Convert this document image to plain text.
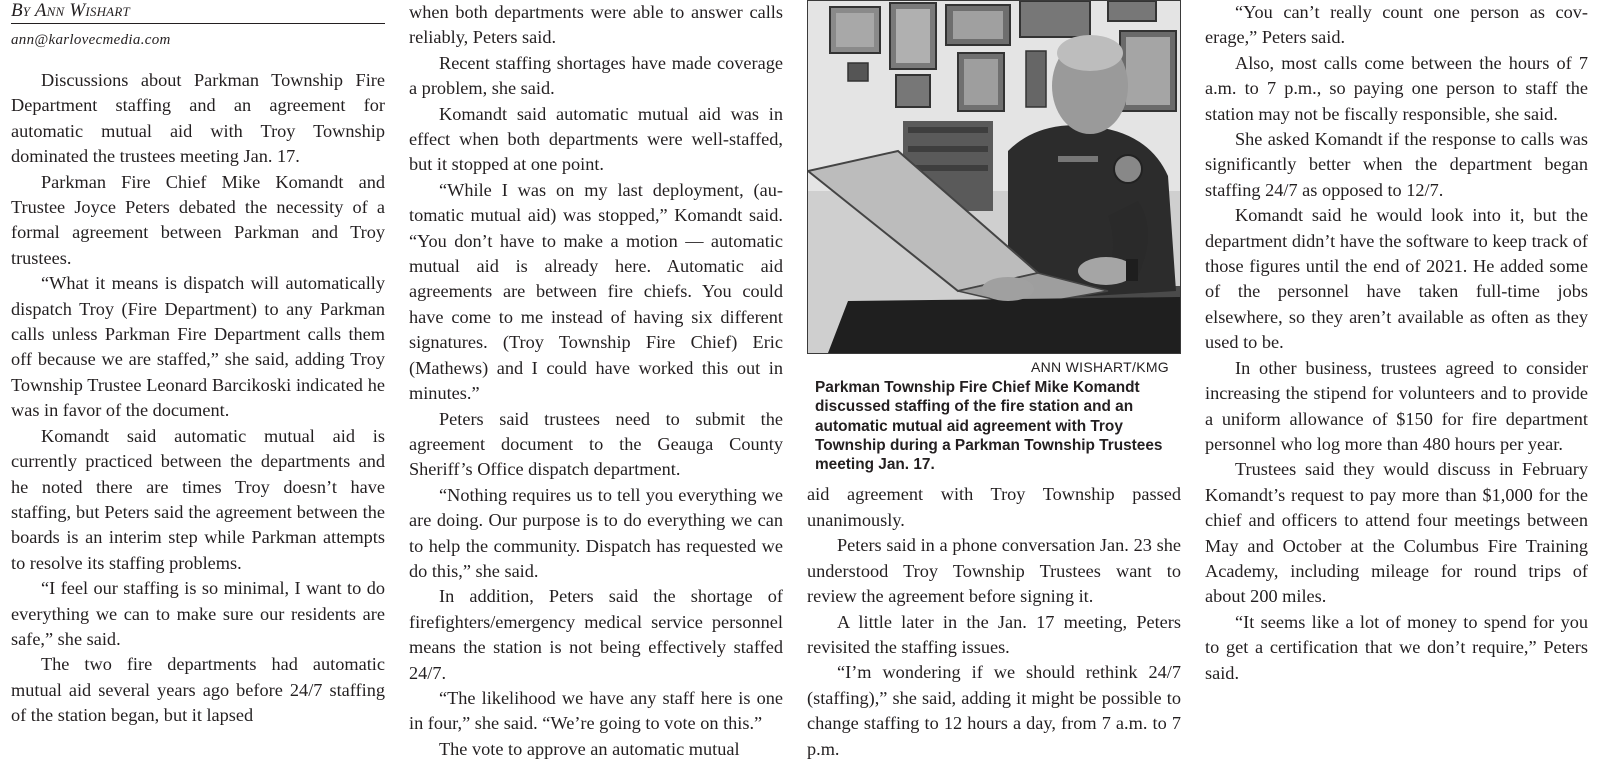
By Ann Wishart
ann@karlovecmedia.com

Discussions about Parkman Township Fire Department staffing and an agreement for automatic mutual aid with Troy Township dominated the trustees meeting Jan. 17.

Parkman Fire Chief Mike Komandt and Trustee Joyce Peters debated the necessity of a formal agreement between Parkman and Troy trustees.

“What it means is dispatch will automatically dispatch Troy (Fire Department) to any Parkman calls unless Parkman Fire Department calls them off because we are staffed,” she said, adding Troy Township Trustee Leonard Barcikoski indicated he was in favor of the document.

Komandt said automatic mutual aid is currently practiced between the departments and he noted there are times Troy doesn’t have staffing, but Peters said the agreement between the boards is an interim step while Parkman attempts to resolve its staffing problems.

“I feel our staffing is so minimal, I want to do everything we can to make sure our residents are safe,” she said.

The two fire departments had automatic mutual aid several years ago before 24/7 staffing of the station began, but it lapsed

when both departments were able to answer calls reliably, Peters said.

Recent staffing shortages have made coverage a problem, she said.

Komandt said automatic mutual aid was in effect when both departments were well-staffed, but it stopped at one point.

“While I was on my last deployment, (automatic mutual aid) was stopped,” Komandt said. “You don’t have to make a motion — automatic mutual aid is already here. Automatic aid agreements are between fire chiefs. You could have come to me instead of having six different signatures. (Troy Township Fire Chief) Eric (Mathews) and I could have worked this out in minutes.”

Peters said trustees need to submit the agreement document to the Geauga County Sheriff’s Office dispatch department.

“Nothing requires us to tell you everything we are doing. Our purpose is to do everything we can to help the community. Dispatch has requested we do this,” she said.

In addition, Peters said the shortage of firefighters/emergency medical service personnel means the station is not being effectively staffed 24/7.

“The likelihood we have any staff here is one in four,” she said. “We’re going to vote on this.”

The vote to approve an automatic mutual

ANN WISHART/KMG
Parkman Township Fire Chief Mike Komandt discussed staffing of the fire station and an automatic mutual aid agreement with Troy Township during a Parkman Township Trustees meeting Jan. 17.

aid agreement with Troy Township passed unanimously.

Peters said in a phone conversation Jan. 23 she understood Troy Township Trustees want to review the agreement before signing it.

A little later in the Jan. 17 meeting, Peters revisited the staffing issues.

“I’m wondering if we should rethink 24/7 (staffing),” she said, adding it might be possible to change staffing to 12 hours a day, from 7 a.m. to 7 p.m.

“You can’t really count one person as coverage,” Peters said.

Also, most calls come between the hours of 7 a.m. to 7 p.m., so paying one person to staff the station may not be fiscally responsible, she said.

She asked Komandt if the response to calls was significantly better when the department began staffing 24/7 as opposed to 12/7.

Komandt said he would look into it, but the department didn’t have the software to keep track of those figures until the end of 2021. He added some of the personnel have taken full-time jobs elsewhere, so they aren’t available as often as they used to be.

In other business, trustees agreed to consider increasing the stipend for volunteers and to provide a uniform allowance of $150 for fire department personnel who log more than 480 hours per year.

Trustees said they would discuss in February Komandt’s request to pay more than $1,000 for the chief and officers to attend four meetings between May and October at the Columbus Fire Training Academy, including mileage for round trips of about 200 miles.

“It seems like a lot of money to spend for you to get a certification that we don’t require,” Peters said.
